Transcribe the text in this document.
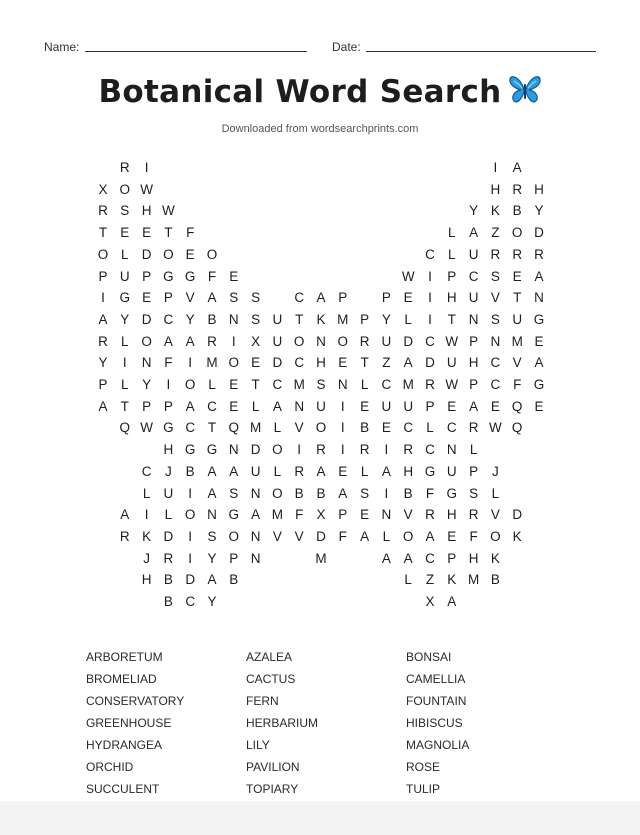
Name:	Date:
Botanical Word Search
Downloaded from wordsearchprints.com
R	I	I	A
X O W	H R H
R S H W	Y K B Y
T E E T	F	L	A Z O D
O L D O E O	C L U R R R
P U P G G F E	W	I	P C S E A
I	G E P V A S S	C A P	P E	I	H U V T N
A Y D C Y B N S U T K M P Y	L	I	T N S U G
R L O A A R	I	X U O N O R U D C W P N M E
Y	I	N F	I	M O E D C H E T	Z A D U H C V A
P	L	Y	I	O L	E T C M S N L C M R W P C F G
A T P P A C E	L	A N U	I	E U U P E A E Q E
Q W G C T Q M L	V O	I	B E C L C R W Q
H G G N D O	I	R	I	R	I	R C N L
C	J	B A A U L R A E	L	A H G U P	J
L U	I	A S N O B B A S	I	B F G S	L
A	I	L O N G A M F X P E N V R H R V D
R K D	I	S O N V V D F A	L O A E F O K
J	R	I	Y P N	M	A A C P H K
H B D A B	L	Z K M B
B C Y	X A
ARBORETUM
BROMELIAD
CONSERVATORY
GREENHOUSE
HYDRANGEA
ORCHID
SUCCULENT
AZALEA
CACTUS
FERN
HERBARIUM
LILY
PAVILION
TOPIARY
BONSAI
CAMELLIA
FOUNTAIN
HIBISCUS
MAGNOLIA
ROSE
TULIP
